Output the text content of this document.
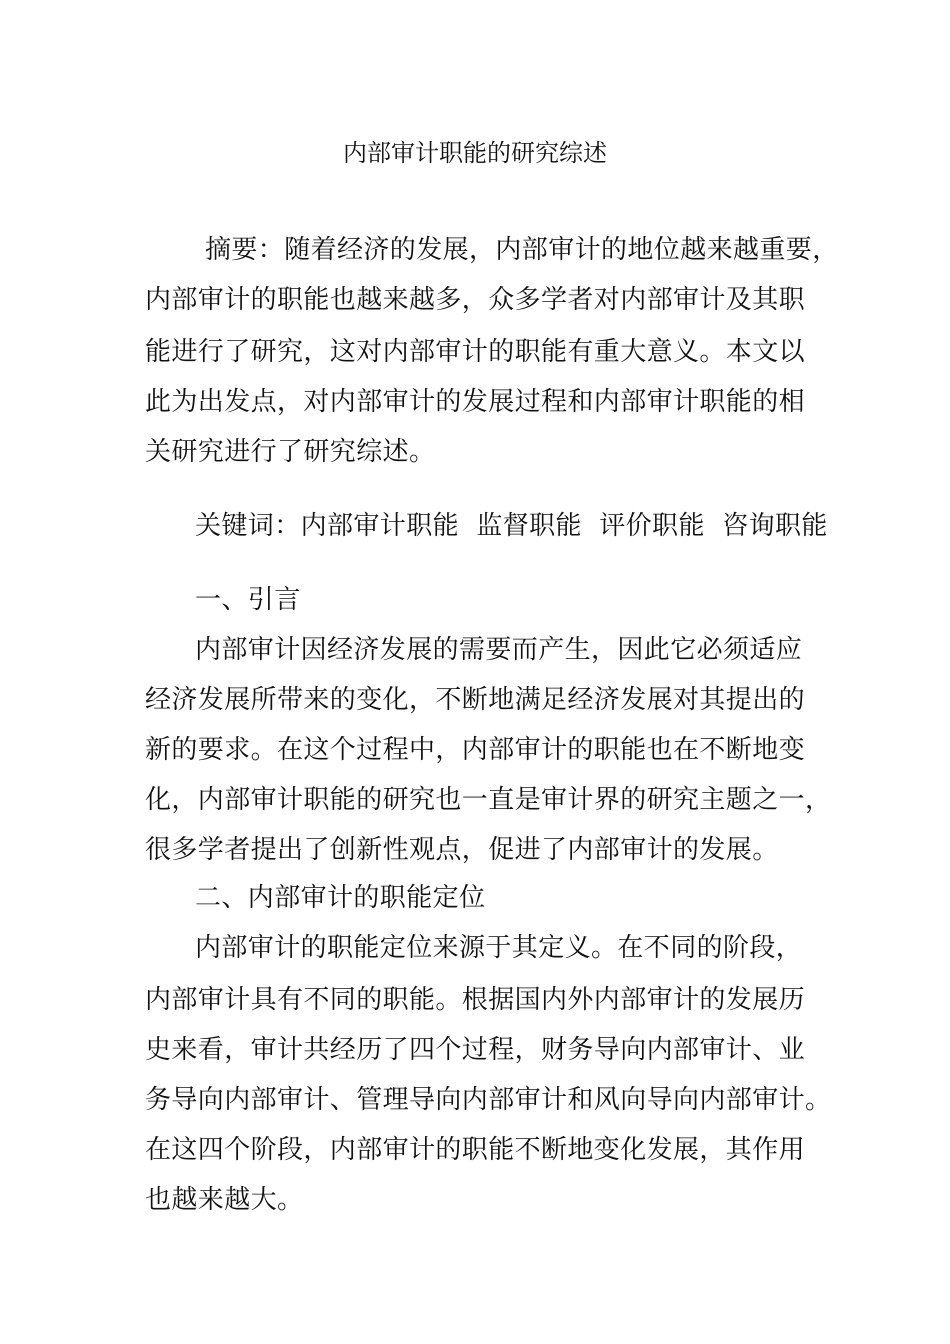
内部审计职能的研究综述
摘要：随着经济的发展，内部审计的地位越来越重要，
内部审计的职能也越来越多，众多学者对内部审计及其职
能进行了研究，这对内部审计的职能有重大意义。本文以
此为出发点，对内部审计的发展过程和内部审计职能的相
关研究进行了研究综述。
关键词：内部审计职能  监督职能  评价职能  咨询职能
一、引言
内部审计因经济发展的需要而产生，因此它必须适应
经济发展所带来的变化，不断地满足经济发展对其提出的
新的要求。在这个过程中，内部审计的职能也在不断地变
化，内部审计职能的研究也一直是审计界的研究主题之一，
很多学者提出了创新性观点，促进了内部审计的发展。
二、内部审计的职能定位
内部审计的职能定位来源于其定义。在不同的阶段，
内部审计具有不同的职能。根据国内外内部审计的发展历
史来看，审计共经历了四个过程，财务导向内部审计、业
务导向内部审计、管理导向内部审计和风向导向内部审计。
在这四个阶段，内部审计的职能不断地变化发展，其作用
也越来越大。
